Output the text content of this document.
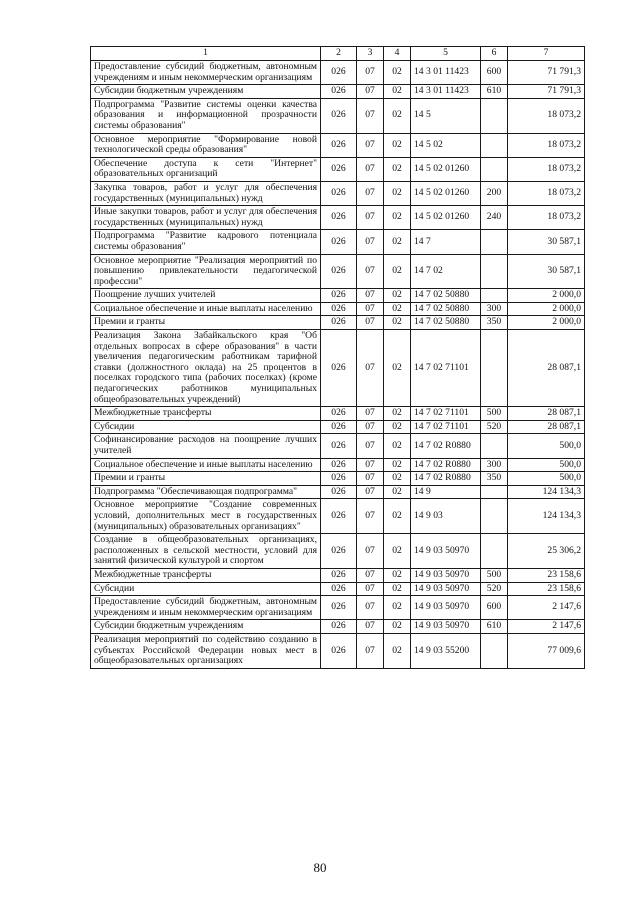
1	2	3	4	5	6	7
Предоставление субсидий бюджетным, автономным учреждениям и иным некоммерческим организациям	026	07	02	14 3 01 11423	600	71 791,3
Субсидии бюджетным учреждениям	026	07	02	14 3 01 11423	610	71 791,3
Подпрограмма "Развитие системы оценки качества образования и информационной прозрачности системы образования"	026	07	02	14 5		18 073,2
Основное мероприятие "Формирование новой технологической среды образования"	026	07	02	14 5 02		18 073,2
Обеспечение доступа к сети "Интернет" образовательных организаций	026	07	02	14 5 02 01260		18 073,2
Закупка товаров, работ и услуг для обеспечения государственных (муниципальных) нужд	026	07	02	14 5 02 01260	200	18 073,2
Иные закупки товаров, работ и услуг для обеспечения государственных (муниципальных) нужд	026	07	02	14 5 02 01260	240	18 073,2
Подпрограмма "Развитие кадрового потенциала системы образования"	026	07	02	14 7		30 587,1
Основное мероприятие "Реализация мероприятий по повышению привлекательности педагогической профессии"	026	07	02	14 7 02		30 587,1
Поощрение лучших учителей	026	07	02	14 7 02 50880		2 000,0
Социальное обеспечение и иные выплаты населению	026	07	02	14 7 02 50880	300	2 000,0
Премии и гранты	026	07	02	14 7 02 50880	350	2 000,0
Реализация Закона Забайкальского края "Об отдельных вопросах в сфере образования" в части увеличения педагогическим работникам тарифной ставки (должностного оклада) на 25 процентов в поселках городского типа (рабочих поселках) (кроме педагогических работников муниципальных общеобразовательных учреждений)	026	07	02	14 7 02 71101		28 087,1
Межбюджетные трансферты	026	07	02	14 7 02 71101	500	28 087,1
Субсидии	026	07	02	14 7 02 71101	520	28 087,1
Софинансирование расходов на поощрение лучших учителей	026	07	02	14 7 02 R0880		500,0
Социальное обеспечение и иные выплаты населению	026	07	02	14 7 02 R0880	300	500,0
Премии и гранты	026	07	02	14 7 02 R0880	350	500,0
Подпрограмма "Обеспечивающая подпрограмма"	026	07	02	14 9		124 134,3
Основное мероприятие "Создание современных условий, дополнительных мест в государственных (муниципальных) образовательных организациях"	026	07	02	14 9 03		124 134,3
Создание в общеобразовательных организациях, расположенных в сельской местности, условий для занятий физической культурой и спортом	026	07	02	14 9 03 50970		25 306,2
Межбюджетные трансферты	026	07	02	14 9 03 50970	500	23 158,6
Субсидии	026	07	02	14 9 03 50970	520	23 158,6
Предоставление субсидий бюджетным, автономным учреждениям и иным некоммерческим организациям	026	07	02	14 9 03 50970	600	2 147,6
Субсидии бюджетным учреждениям	026	07	02	14 9 03 50970	610	2 147,6
Реализация мероприятий по содействию созданию в субъектах Российской Федерации новых мест в общеобразовательных организациях	026	07	02	14 9 03 55200		77 009,6
80
